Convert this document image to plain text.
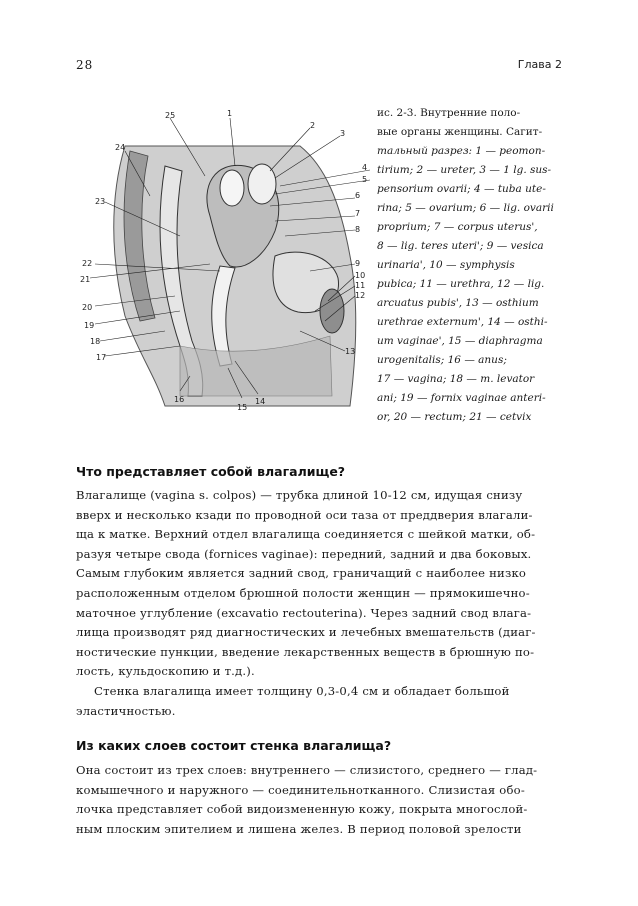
28	Глава 2
1
2
3
4
5
6
7
8
9
10
11
12
13
14
15
16
17
18
19
20
21
22
23
24
25	ис. 2-3. Внутренние поло-
вые органы женщины. Сагит-
тальный разрез: 1 — peomon-
tirium; 2 — ureter, 3 — 1 lg. sus-
pensorium ovarii; 4 — tuba ute-
rina; 5 — ovarium; 6 — lig. ovarii
proprium; 7 — corpus uterus',
8 — lig. teres uteri'; 9 — vesica
urinaria', 10 — symphysis
pubica; 11 — urethra, 12 — lig.
arcuatus pubis', 13 — osthium
urethrae externum', 14 — osthi-
um vaginae', 15 — diaphragma
urogenitalis; 16 — anus;
17 — vagina; 18 — m. levator
ani; 19 — fornix vaginae anteri-
or, 20 — rectum; 21 — cetvix
Что представляет собой влагалище?
Влагалище (vagina s. colpos) — трубка длиной 10-12 см, идущая снизу
вверх и несколько кзади по проводной оси таза от преддверия влагали-
ща к матке. Верхний отдел влагалища соединяется с шейкой матки, об-
разуя четыре свода (fornices vaginae): передний, задний и два боковых.
Самым глубоким является задний свод, граничащий с наиболее низко
расположенным отделом брюшной полости женщин — прямокишечно-
маточное углубление (excavatio rectouterina). Через задний свод влага-
лища производят ряд диагностических и лечебных вмешательств (диаг-
ностические пункции, введение лекарственных веществ в брюшную по-
лость, кульдоскопию и т.д.).
Стенка влагалища имеет толщину 0,3-0,4 см и обладает большой
эластичностью.
Из каких слоев состоит стенка влагалища?
Она состоит из трех слоев: внутреннего — слизистого, среднего — глад-
комышечного и наружного — соединительнотканного. Слизистая обо-
лочка представляет собой видоизмененную кожу, покрыта многослой-
ным плоским эпителием и лишена желез. В период половой зрелости
